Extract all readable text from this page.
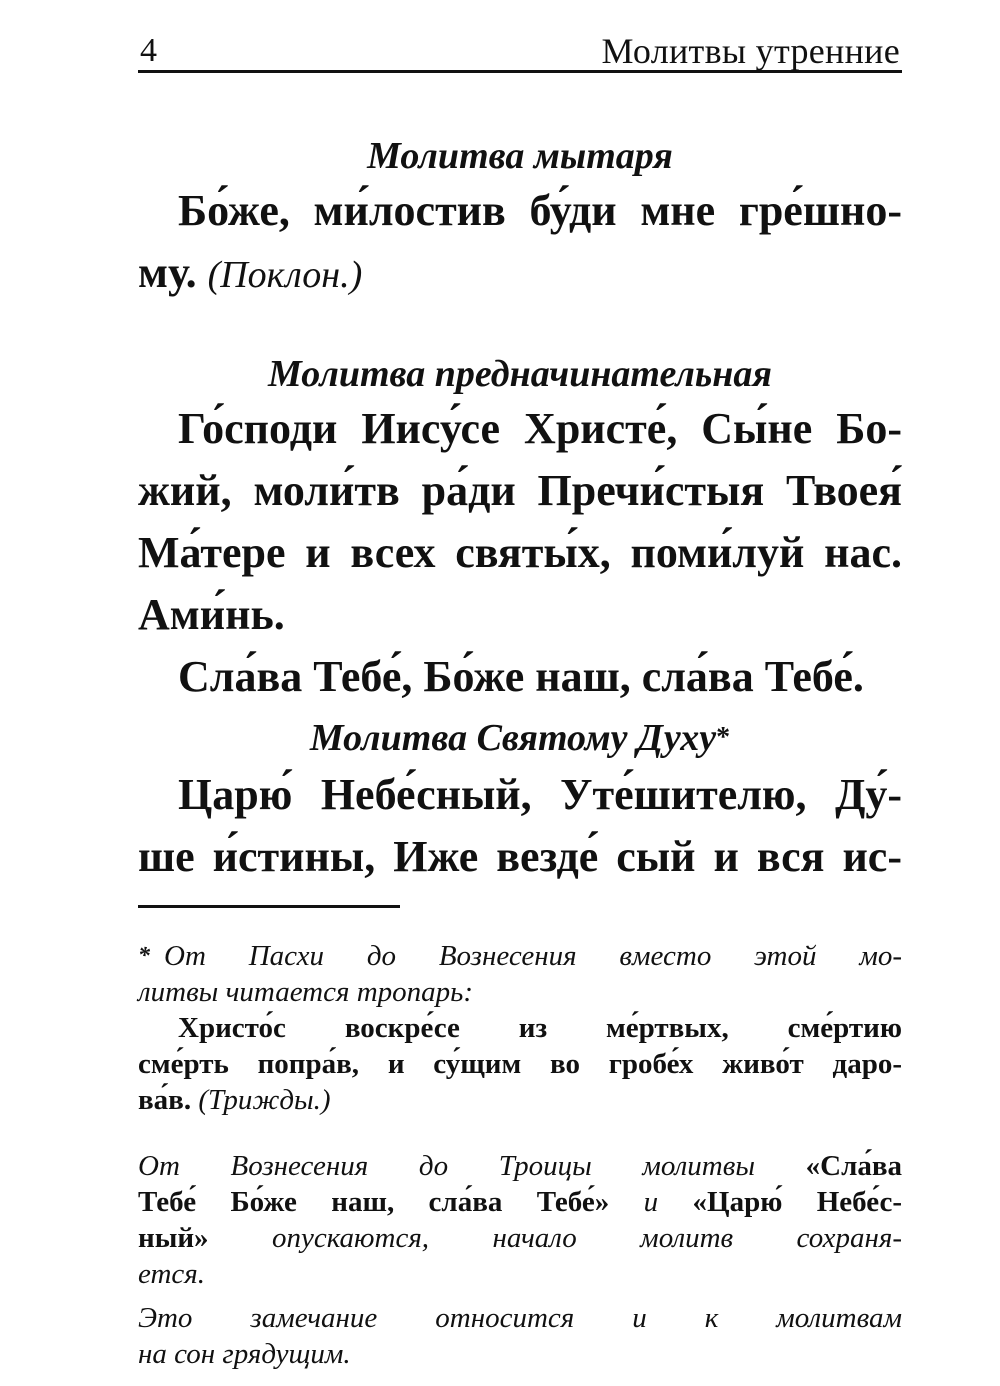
4	Молитвы утренние
Молитва мытаря
Бо́же, ми́лостив бу́ди мне гре́шно-
му. (Поклон.)
Молитва предначинательная
Го́споди Иису́се Христе́, Сы́не Бо-
жий, моли́тв ра́ди Пречи́стыя Твоея́
Ма́тере и всех святы́х, поми́луй нас.
Ами́нь.
Сла́ва Тебе́, Бо́же наш, сла́ва Тебе́.
Молитва Святому Духу*
Царю́ Небе́сный, Уте́шителю, Ду́-
ше и́стины, Иже везде́ сый и вся ис-
* От Пасхи до Вознесения вместо этой мо-
литвы читается тропарь:
Христо́с воскре́се из ме́ртвых, сме́ртию
сме́рть попра́в, и су́щим во гробе́х живо́т даро-
ва́в. (Трижды.)
От Вознесения до Троицы молитвы «Сла́ва
Тебе́ Бо́же наш, сла́ва Тебе́» и «Царю́ Небе́с-
ный» опускаются, начало молитв сохраня-
ется.
Это замечание относится и к молитвам
на сон грядущим.
